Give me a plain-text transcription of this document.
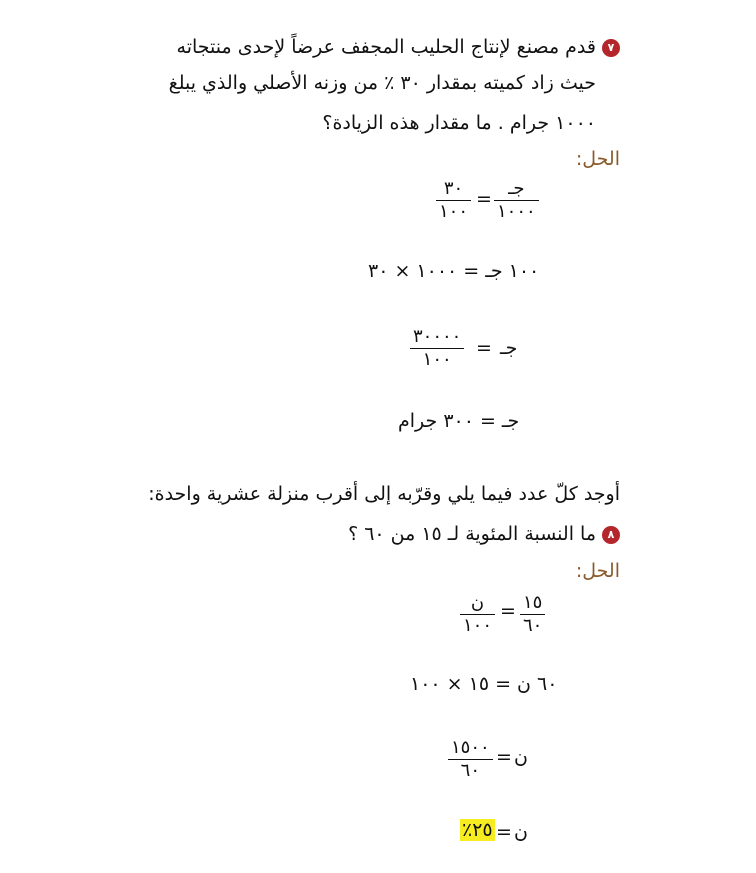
٧قدم مصنع لإنتاج الحليب المجفف عرضاً لإحدى منتجاته
حيث زاد كميته بمقدار ٣٠ ٪ من وزنه الأصلي والذي يبلغ
١٠٠٠ جرام . ما مقدار هذه الزيادة؟
الحل:
جـ
١٠٠٠
=
٣٠
١٠٠
١٠٠ جـ = ١٠٠٠ × ٣٠
جـ
=
٣٠٠٠٠
١٠٠
جـ = ٣٠٠ جرام
أوجد كلّ عدد فيما يلي وقرّبه إلى أقرب منزلة عشرية واحدة:
٨ما النسبة المئوية لـ ١٥ من ٦٠ ؟
الحل:
١٥
٦٠
=
ن
١٠٠
٦٠ ن = ١٥ × ١٠٠
ن
=
١٥٠٠
٦٠
ن
=
٢٥٪
